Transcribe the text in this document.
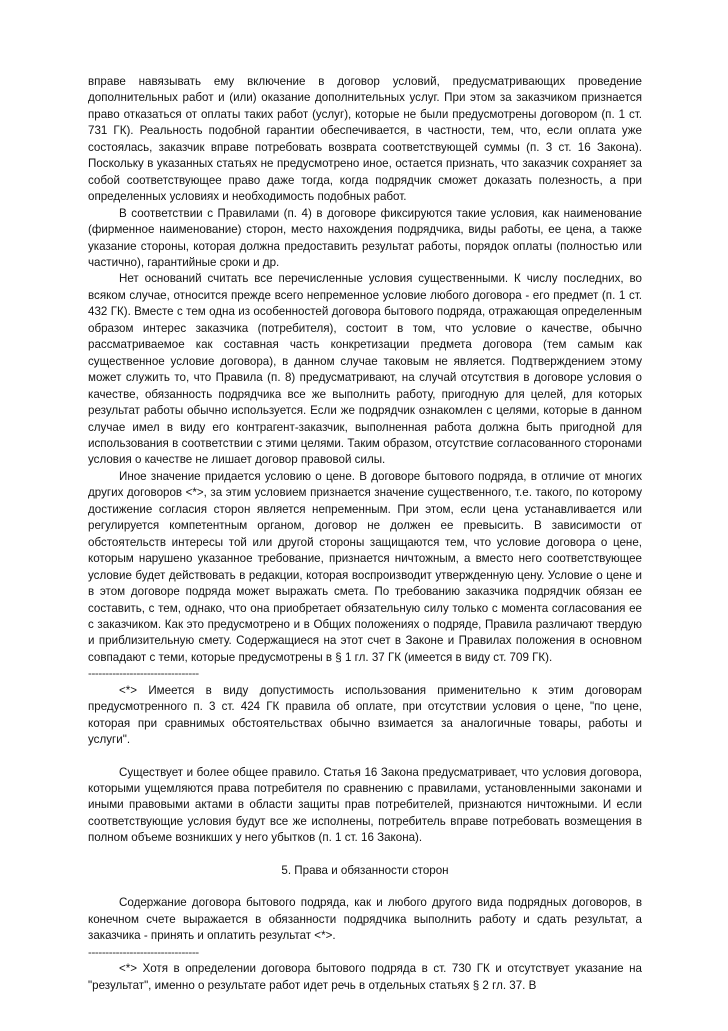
вправе навязывать ему включение в договор условий, предусматривающих проведение дополнительных работ и (или) оказание дополнительных услуг. При этом за заказчиком признается право отказаться от оплаты таких работ (услуг), которые не были предусмотрены договором (п. 1 ст. 731 ГК). Реальность подобной гарантии обеспечивается, в частности, тем, что, если оплата уже состоялась, заказчик вправе потребовать возврата соответствующей суммы (п. 3 ст. 16 Закона). Поскольку в указанных статьях не предусмотрено иное, остается признать, что заказчик сохраняет за собой соответствующее право даже тогда, когда подрядчик сможет доказать полезность, а при определенных условиях и необходимость подобных работ.

В соответствии с Правилами (п. 4) в договоре фиксируются такие условия, как наименование (фирменное наименование) сторон, место нахождения подрядчика, виды работы, ее цена, а также указание стороны, которая должна предоставить результат работы, порядок оплаты (полностью или частично), гарантийные сроки и др.

Нет оснований считать все перечисленные условия существенными. К числу последних, во всяком случае, относится прежде всего непременное условие любого договора - его предмет (п. 1 ст. 432 ГК). Вместе с тем одна из особенностей договора бытового подряда, отражающая определенным образом интерес заказчика (потребителя), состоит в том, что условие о качестве, обычно рассматриваемое как составная часть конкретизации предмета договора (тем самым как существенное условие договора), в данном случае таковым не является. Подтверждением этому может служить то, что Правила (п. 8) предусматривают, на случай отсутствия в договоре условия о качестве, обязанность подрядчика все же выполнить работу, пригодную для целей, для которых результат работы обычно используется. Если же подрядчик ознакомлен с целями, которые в данном случае имел в виду его контрагент-заказчик, выполненная работа должна быть пригодной для использования в соответствии с этими целями. Таким образом, отсутствие согласованного сторонами условия о качестве не лишает договор правовой силы.

Иное значение придается условию о цене. В договоре бытового подряда, в отличие от многих других договоров <*>, за этим условием признается значение существенного, т.е. такого, по которому достижение согласия сторон является непременным. При этом, если цена устанавливается или регулируется компетентным органом, договор не должен ее превысить. В зависимости от обстоятельств интересы той или другой стороны защищаются тем, что условие договора о цене, которым нарушено указанное требование, признается ничтожным, а вместо него соответствующее условие будет действовать в редакции, которая воспроизводит утвержденную цену. Условие о цене и в этом договоре подряда может выражать смета. По требованию заказчика подрядчик обязан ее составить, с тем, однако, что она приобретает обязательную силу только с момента согласования ее с заказчиком. Как это предусмотрено и в Общих положениях о подряде, Правила различают твердую и приблизительную смету. Содержащиеся на этот счет в Законе и Правилах положения в основном совпадают с теми, которые предусмотрены в § 1 гл. 37 ГК (имеется в виду ст. 709 ГК).

--------------------------------

<*> Имеется в виду допустимость использования применительно к этим договорам предусмотренного п. 3 ст. 424 ГК правила об оплате, при отсутствии условия о цене, "по цене, которая при сравнимых обстоятельствах обычно взимается за аналогичные товары, работы и услуги".

Существует и более общее правило. Статья 16 Закона предусматривает, что условия договора, которыми ущемляются права потребителя по сравнению с правилами, установленными законами и иными правовыми актами в области защиты прав потребителей, признаются ничтожными. И если соответствующие условия будут все же исполнены, потребитель вправе потребовать возмещения в полном объеме возникших у него убытков (п. 1 ст. 16 Закона).

5. Права и обязанности сторон

Содержание договора бытового подряда, как и любого другого вида подрядных договоров, в конечном счете выражается в обязанности подрядчика выполнить работу и сдать результат, а заказчика - принять и оплатить результат <*>.

--------------------------------

<*> Хотя в определении договора бытового подряда в ст. 730 ГК и отсутствует указание на "результат", именно о результате работ идет речь в отдельных статьях § 2 гл. 37. В
